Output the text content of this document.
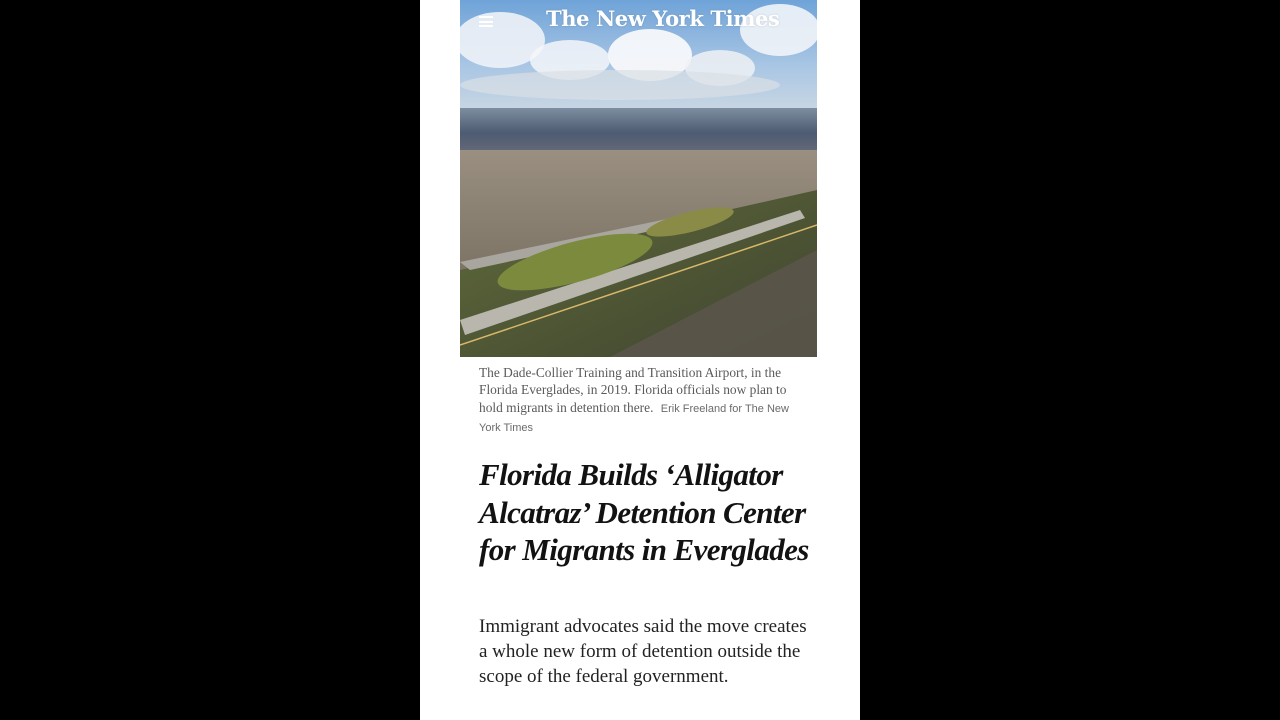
The New York Times
The Dade-Collier Training and Transition Airport, in the Florida Everglades, in 2019. Florida officials now plan to hold migrants in detention there. Erik Freeland for The New York Times
Florida Builds ‘Alligator Alcatraz’ Detention Center for Migrants in Everglades

Immigrant advocates said the move creates a whole new form of detention outside the scope of the federal government.
